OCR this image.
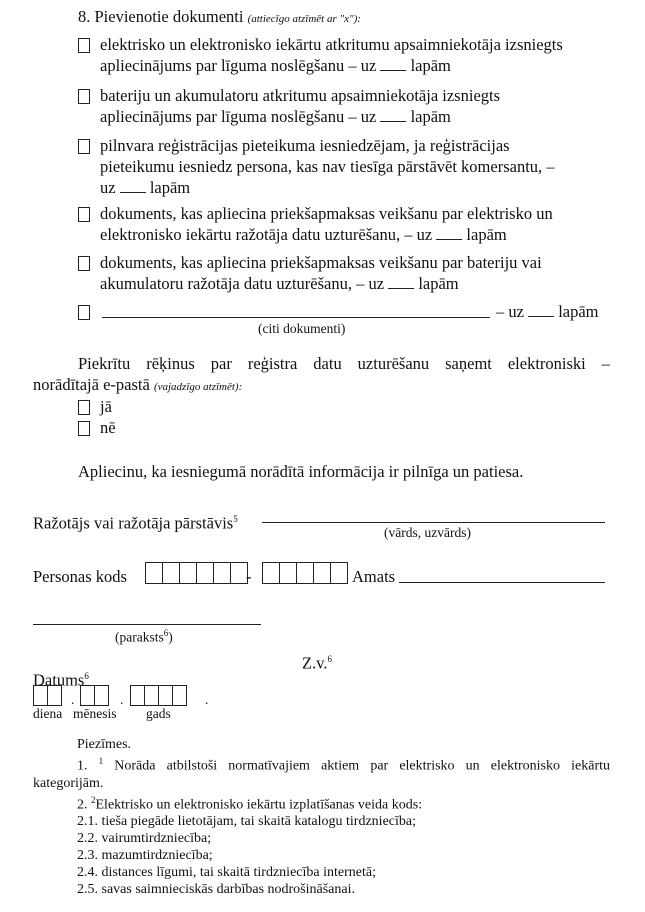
8. Pievienotie dokumenti (attiecīgo atzīmēt ar "x"):
elektrisko un elektronisko iekārtu atkritumu apsaimniekotāja izsniegts
apliecinājums par līguma noslēgšanu – uz lapām
bateriju un akumulatoru atkritumu apsaimniekotāja izsniegts
apliecinājums par līguma noslēgšanu – uz lapām
pilnvara reģistrācijas pieteikuma iesniedzējam, ja reģistrācijas
pieteikumu iesniedz persona, kas nav tiesīga pārstāvēt komersantu, –
uz lapām
dokuments, kas apliecina priekšapmaksas veikšanu par elektrisko un
elektronisko iekārtu ražotāja datu uzturēšanu, – uz lapām
dokuments, kas apliecina priekšapmaksas veikšanu par bateriju vai
akumulatoru ražotāja datu uzturēšanu, – uz lapām
– uz lapām
(citi dokumenti)
Piekrītu rēķinus par reģistra datu uzturēšanu saņemt elektroniski –
norādītajā e-pastā (vajadzīgo atzīmēt):
jā
nē
Apliecinu, ka iesniegumā norādītā informācija ir pilnīga un patiesa.
Ražotājs vai ražotāja pārstāvis$^5$
(vārds, uzvārds)
Personas kods	-	Amats
(paraksts$^6$)
Z.v.$^6$
Datums$^6$
.	.	.
diena mēnesis gads
Piezīmes.
1. $^1$ Norāda atbilstoši normatīvajiem aktiem par elektrisko un elektronisko iekārtu
kategorijām.
2. $^2$Elektrisko un elektronisko iekārtu izplatīšanas veida kods:
2.1. tieša piegāde lietotājam, tai skaitā katalogu tirdzniecība;
2.2. vairumtirdzniecība;
2.3. mazumtirdzniecība;
2.4. distances līgumi, tai skaitā tirdzniecība internetā;
2.5. savas saimnieciskās darbības nodrošināšanai.
